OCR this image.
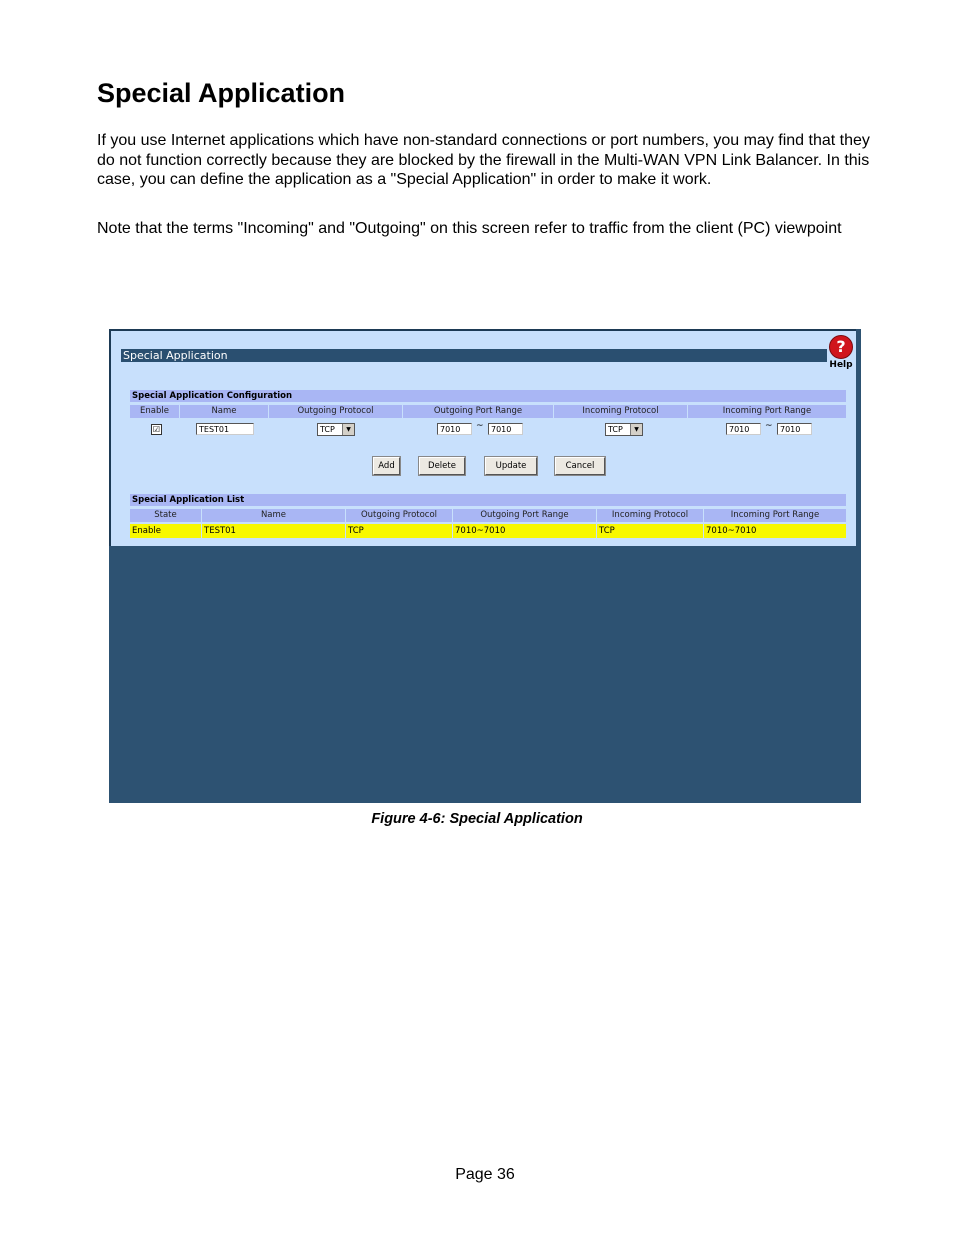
Special Application

If you use Internet applications which have non-standard connections or port numbers, you may find that they do not function correctly because they are blocked by the firewall in the Multi-WAN VPN Link Balancer. In this case, you can define the application as a "Special Application" in order to make it work.

Note that the terms "Incoming" and "Outgoing" on this screen refer to traffic from the client (PC) viewpoint

Special Application	?
Help
Special Application Configuration
Enable	Name	Outgoing Protocol	Outgoing Port Range	Incoming Protocol	Incoming Port Range
☑	TEST01	TCP	▼	7010	~ 7010	TCP	▼	7010	~ 7010
Add	Delete	Update	Cancel
Special Application List
State	Name	Outgoing Protocol	Outgoing Port Range	Incoming Protocol	Incoming Port Range
Enable	TEST01	TCP	7010~7010	TCP	7010~7010
Figure 4-6: Special Application
Page 36
